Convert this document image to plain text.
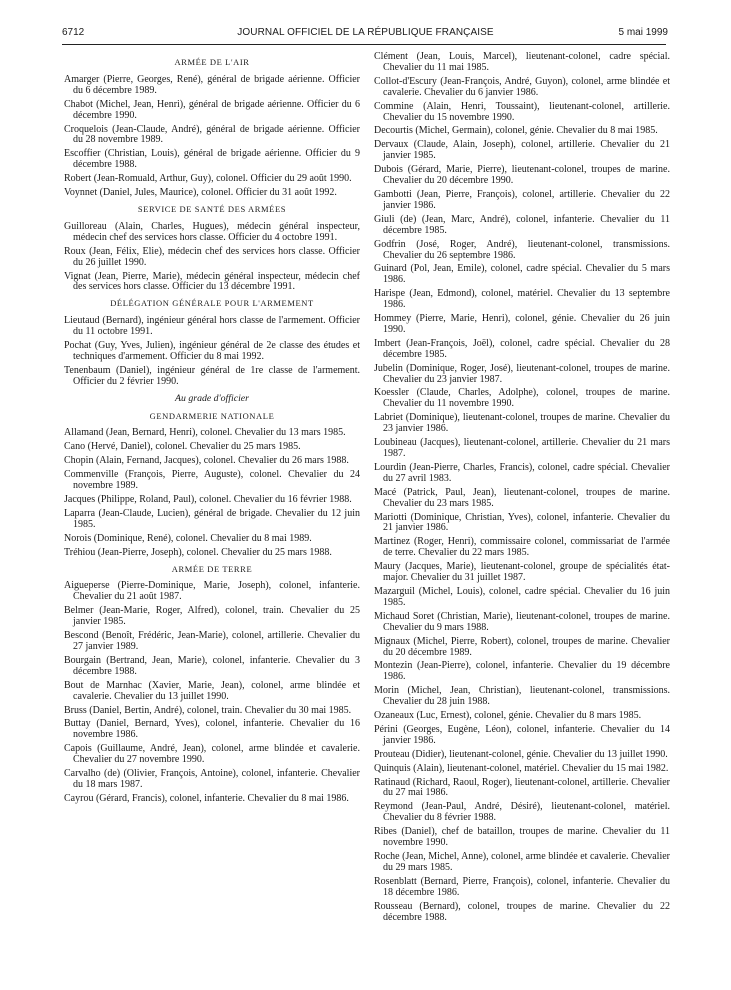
6712	JOURNAL OFFICIEL DE LA RÉPUBLIQUE FRANÇAISE	5 mai 1999
ARMÉE DE L'AIR
Amarger (Pierre, Georges, René), général de brigade aérienne. Officier du 6 décembre 1989.
Chabot (Michel, Jean, Henri), général de brigade aérienne. Officier du 6 décembre 1990.
Croquelois (Jean-Claude, André), général de brigade aérienne. Officier du 28 novembre 1989.
Escoffier (Christian, Louis), général de brigade aérienne. Officier du 9 décembre 1988.
Robert (Jean-Romuald, Arthur, Guy), colonel. Officier du 29 août 1990.
Voynnet (Daniel, Jules, Maurice), colonel. Officier du 31 août 1992.
SERVICE DE SANTÉ DES ARMÉES
Guilloreau (Alain, Charles, Hugues), médecin général inspecteur, médecin chef des services hors classe. Officier du 4 octobre 1991.
Roux (Jean, Félix, Elie), médecin chef des services hors classe. Officier du 26 juillet 1990.
Vignat (Jean, Pierre, Marie), médecin général inspecteur, médecin chef des services hors classe. Officier du 13 décembre 1991.
DÉLÉGATION GÉNÉRALE POUR L'ARMEMENT
Lieutaud (Bernard), ingénieur général hors classe de l'armement. Officier du 11 octobre 1991.
Pochat (Guy, Yves, Julien), ingénieur général de 2e classe des études et techniques d'armement. Officier du 8 mai 1992.
Tenenbaum (Daniel), ingénieur général de 1re classe de l'armement. Officier du 2 février 1990.
Au grade d'officier
GENDARMERIE NATIONALE
Allamand (Jean, Bernard, Henri), colonel. Chevalier du 13 mars 1985.
Cano (Hervé, Daniel), colonel. Chevalier du 25 mars 1985.
Chopin (Alain, Fernand, Jacques), colonel. Chevalier du 26 mars 1988.
Commenville (François, Pierre, Auguste), colonel. Chevalier du 24 novembre 1989.
Jacques (Philippe, Roland, Paul), colonel. Chevalier du 16 février 1988.
Laparra (Jean-Claude, Lucien), général de brigade. Chevalier du 12 juin 1985.
Norois (Dominique, René), colonel. Chevalier du 8 mai 1989.
Tréhiou (Jean-Pierre, Joseph), colonel. Chevalier du 25 mars 1988.
ARMÉE DE TERRE
Aigueperse (Pierre-Dominique, Marie, Joseph), colonel, infanterie. Chevalier du 21 août 1987.
Belmer (Jean-Marie, Roger, Alfred), colonel, train. Chevalier du 25 janvier 1985.
Bescond (Benoît, Frédéric, Jean-Marie), colonel, artillerie. Chevalier du 27 janvier 1989.
Bourgain (Bertrand, Jean, Marie), colonel, infanterie. Chevalier du 3 décembre 1988.
Bout de Marnhac (Xavier, Marie, Jean), colonel, arme blindée et cavalerie. Chevalier du 13 juillet 1990.
Bruss (Daniel, Bertin, André), colonel, train. Chevalier du 30 mai 1985.
Buttay (Daniel, Bernard, Yves), colonel, infanterie. Chevalier du 16 novembre 1986.
Capois (Guillaume, André, Jean), colonel, arme blindée et cavalerie. Chevalier du 27 novembre 1990.
Carvalho (de) (Olivier, François, Antoine), colonel, infanterie. Chevalier du 18 mars 1987.
Cayrou (Gérard, Francis), colonel, infanterie. Chevalier du 8 mai 1986.
Clément (Jean, Louis, Marcel), lieutenant-colonel, cadre spécial. Chevalier du 11 mai 1985.
Collot-d'Escury (Jean-François, André, Guyon), colonel, arme blindée et cavalerie. Chevalier du 6 janvier 1986.
Commine (Alain, Henri, Toussaint), lieutenant-colonel, artillerie. Chevalier du 15 novembre 1990.
Decourtis (Michel, Germain), colonel, génie. Chevalier du 8 mai 1985.
Dervaux (Claude, Alain, Joseph), colonel, artillerie. Chevalier du 21 janvier 1985.
Dubois (Gérard, Marie, Pierre), lieutenant-colonel, troupes de marine. Chevalier du 20 décembre 1990.
Gambotti (Jean, Pierre, François), colonel, artillerie. Chevalier du 22 janvier 1986.
Giuli (de) (Jean, Marc, André), colonel, infanterie. Chevalier du 11 décembre 1985.
Godfrin (José, Roger, André), lieutenant-colonel, transmissions. Chevalier du 26 septembre 1986.
Guinard (Pol, Jean, Emile), colonel, cadre spécial. Chevalier du 5 mars 1986.
Harispe (Jean, Edmond), colonel, matériel. Chevalier du 13 septembre 1986.
Hommey (Pierre, Marie, Henri), colonel, génie. Chevalier du 26 juin 1990.
Imbert (Jean-François, Joël), colonel, cadre spécial. Chevalier du 28 décembre 1985.
Jubelin (Dominique, Roger, José), lieutenant-colonel, troupes de marine. Chevalier du 23 janvier 1987.
Koessler (Claude, Charles, Adolphe), colonel, troupes de marine. Chevalier du 11 novembre 1990.
Labriet (Dominique), lieutenant-colonel, troupes de marine. Chevalier du 23 janvier 1986.
Loubineau (Jacques), lieutenant-colonel, artillerie. Chevalier du 21 mars 1987.
Lourdin (Jean-Pierre, Charles, Francis), colonel, cadre spécial. Chevalier du 27 avril 1983.
Macé (Patrick, Paul, Jean), lieutenant-colonel, troupes de marine. Chevalier du 23 mars 1985.
Mariotti (Dominique, Christian, Yves), colonel, infanterie. Chevalier du 21 janvier 1986.
Martinez (Roger, Henri), commissaire colonel, commissariat de l'armée de terre. Chevalier du 22 mars 1985.
Maury (Jacques, Marie), lieutenant-colonel, groupe de spécialités état-major. Chevalier du 31 juillet 1987.
Mazarguil (Michel, Louis), colonel, cadre spécial. Chevalier du 16 juin 1985.
Michaud Soret (Christian, Marie), lieutenant-colonel, troupes de marine. Chevalier du 9 mars 1988.
Mignaux (Michel, Pierre, Robert), colonel, troupes de marine. Chevalier du 20 décembre 1989.
Montezin (Jean-Pierre), colonel, infanterie. Chevalier du 19 décembre 1986.
Morin (Michel, Jean, Christian), lieutenant-colonel, transmissions. Chevalier du 28 juin 1988.
Ozaneaux (Luc, Ernest), colonel, génie. Chevalier du 8 mars 1985.
Périni (Georges, Eugène, Léon), colonel, infanterie. Chevalier du 14 janvier 1986.
Prouteau (Didier), lieutenant-colonel, génie. Chevalier du 13 juillet 1990.
Quinquis (Alain), lieutenant-colonel, matériel. Chevalier du 15 mai 1982.
Ratinaud (Richard, Raoul, Roger), lieutenant-colonel, artillerie. Chevalier du 27 mai 1986.
Reymond (Jean-Paul, André, Désiré), lieutenant-colonel, matériel. Chevalier du 8 février 1988.
Ribes (Daniel), chef de bataillon, troupes de marine. Chevalier du 11 novembre 1990.
Roche (Jean, Michel, Anne), colonel, arme blindée et cavalerie. Chevalier du 29 mars 1985.
Rosenblatt (Bernard, Pierre, François), colonel, infanterie. Chevalier du 18 décembre 1986.
Rousseau (Bernard), colonel, troupes de marine. Chevalier du 22 décembre 1988.
